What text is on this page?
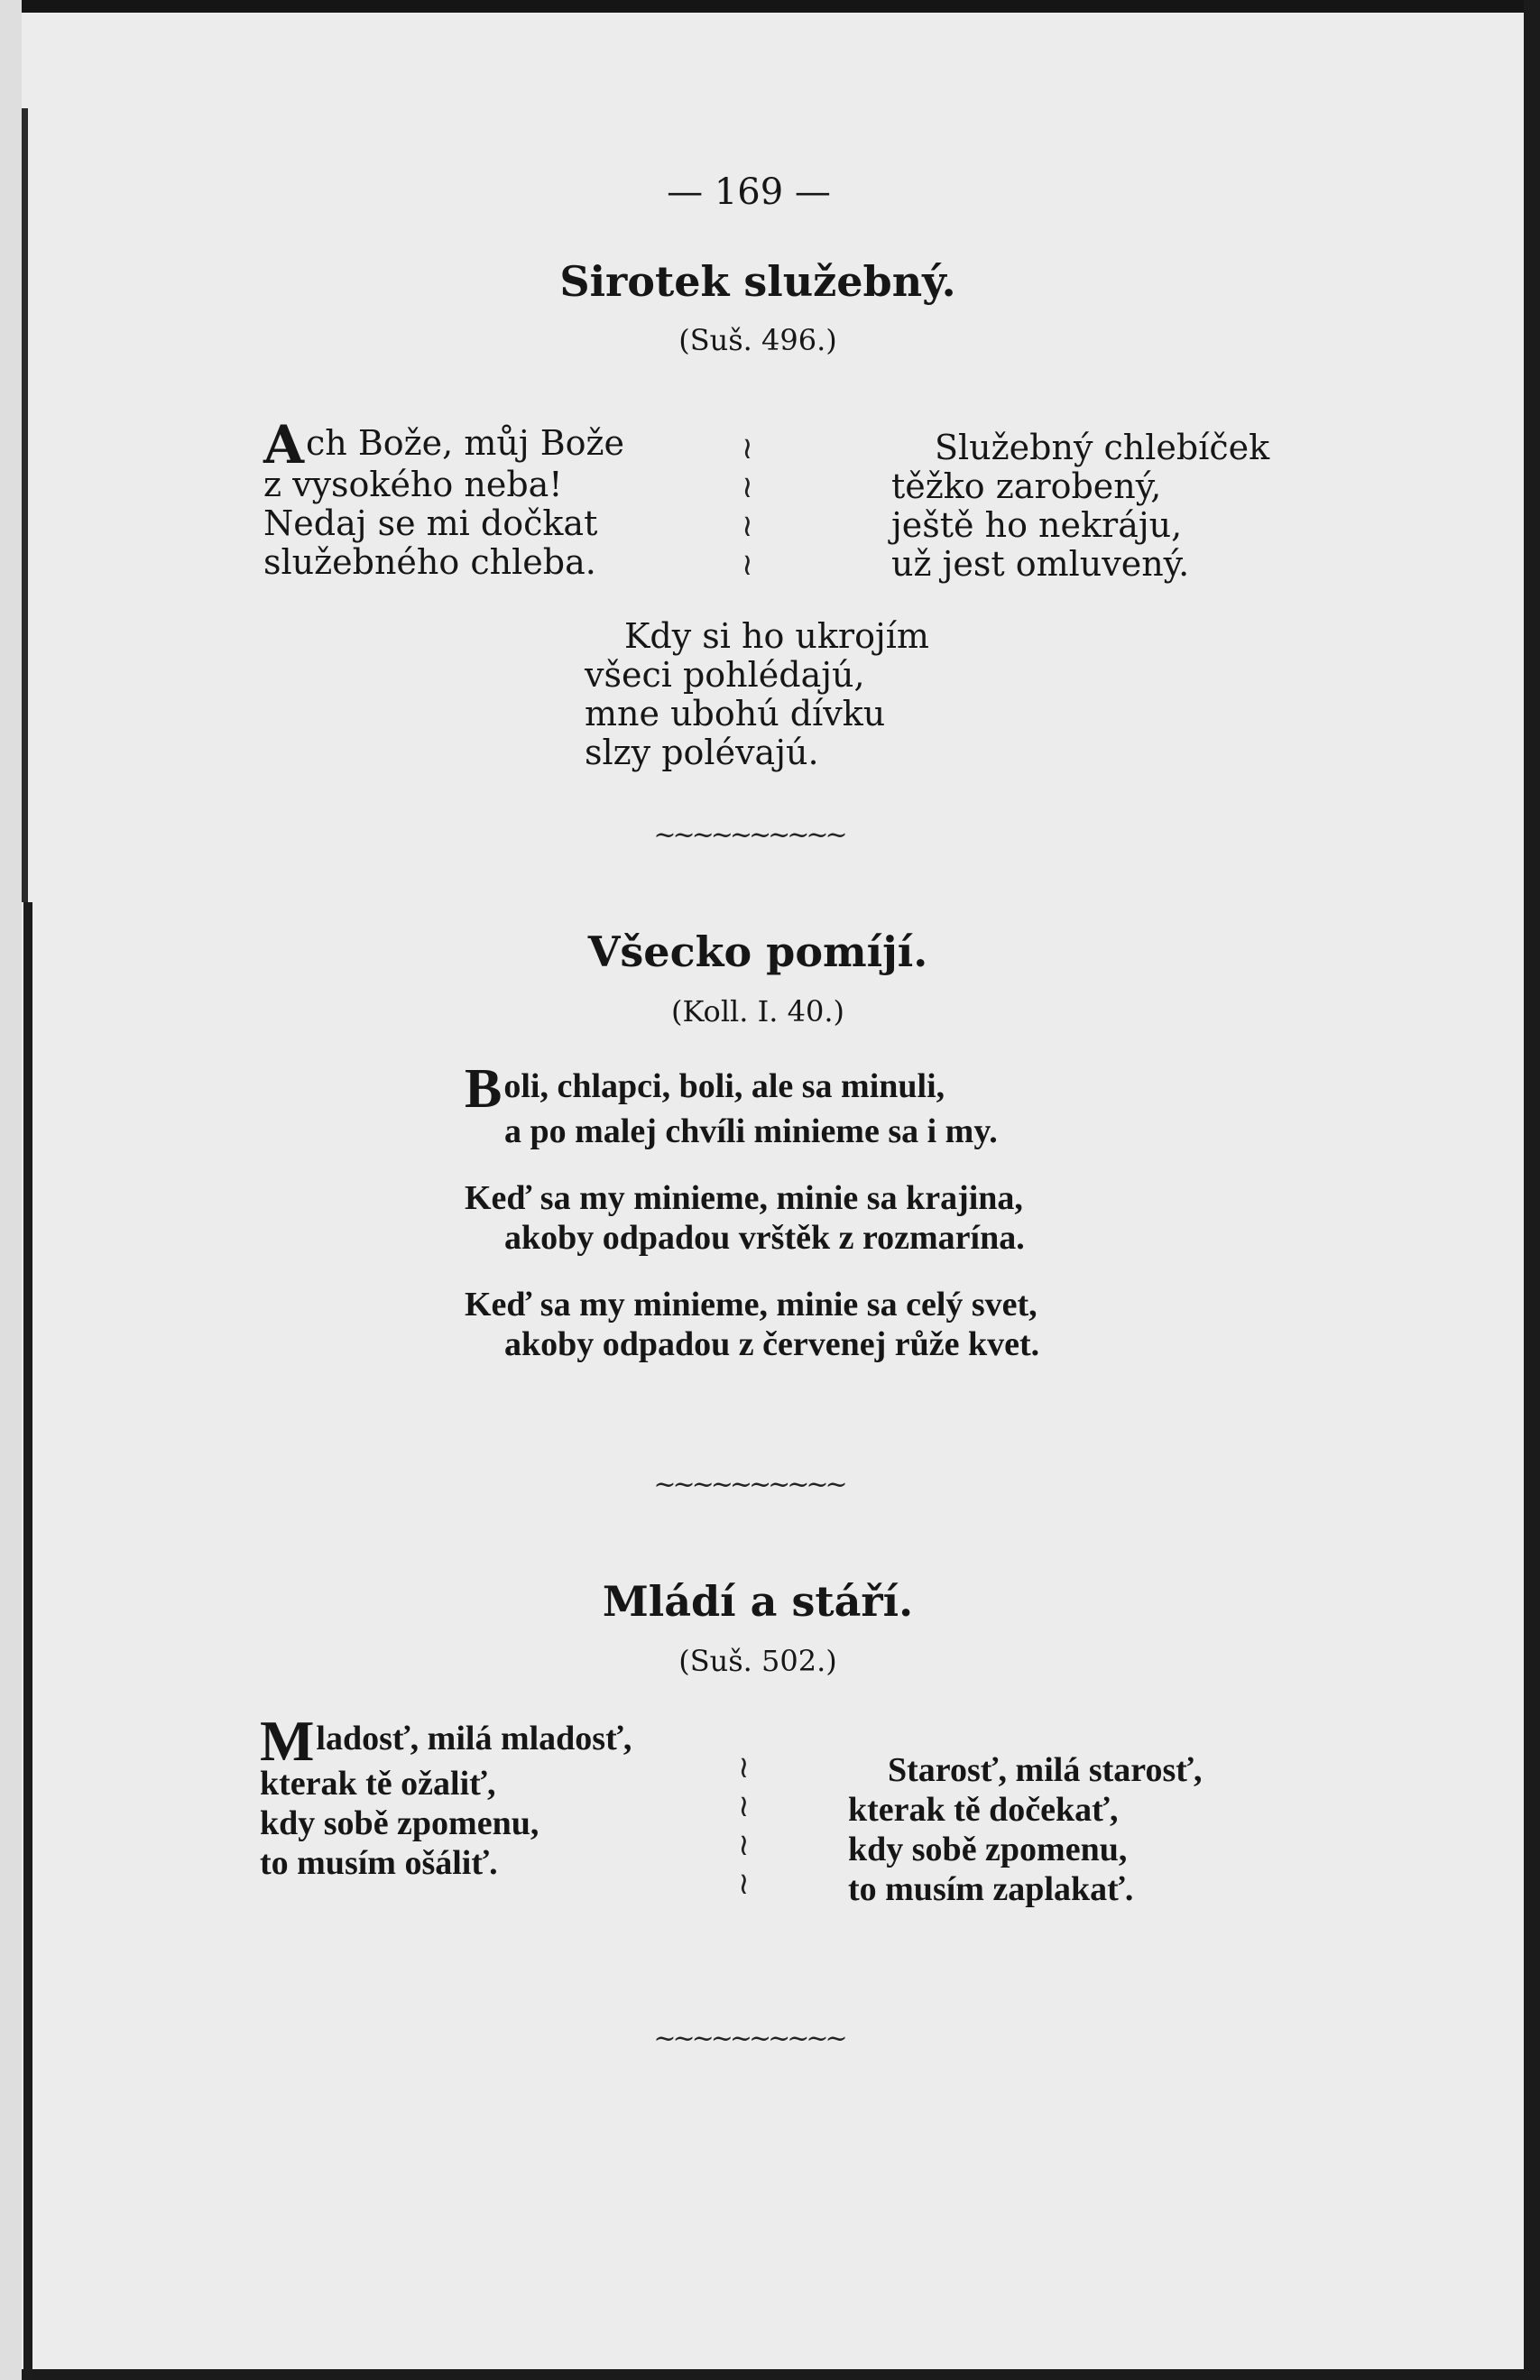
— 169 —
Sirotek služebný.
(Suš. 496.)
Ach Bože, můj Bože
z vysokého neba!
Nedaj se mi dočkat
služebného chleba.
≀
≀
≀
≀
Služebný chlebíček
těžko zarobený,
ještě ho nekráju,
už jest omluvený.
Kdy si ho ukrojím
všeci pohlédajú,
mne ubohú dívku
slzy polévajú.
~~~~~~~~~~
Všecko pomíjí.
(Koll. I. 40.)
Boli, chlapci, boli, ale sa minuli,
a po malej chvíli minieme sa i my.
Keď sa my minieme, minie sa krajina,
akoby odpadou vrštěk z rozmarína.
Keď sa my minieme, minie sa celý svet,
akoby odpadou z červenej růže kvet.
~~~~~~~~~~
Mládí a stáří.
(Suš. 502.)
Mladosť, milá mladosť,
kterak tě ožaliť,
kdy sobě zpomenu,
to musím ošáliť.
≀
≀
≀
≀
Starosť, milá starosť,
kterak tě dočekať,
kdy sobě zpomenu,
to musím zaplakať.
~~~~~~~~~~
